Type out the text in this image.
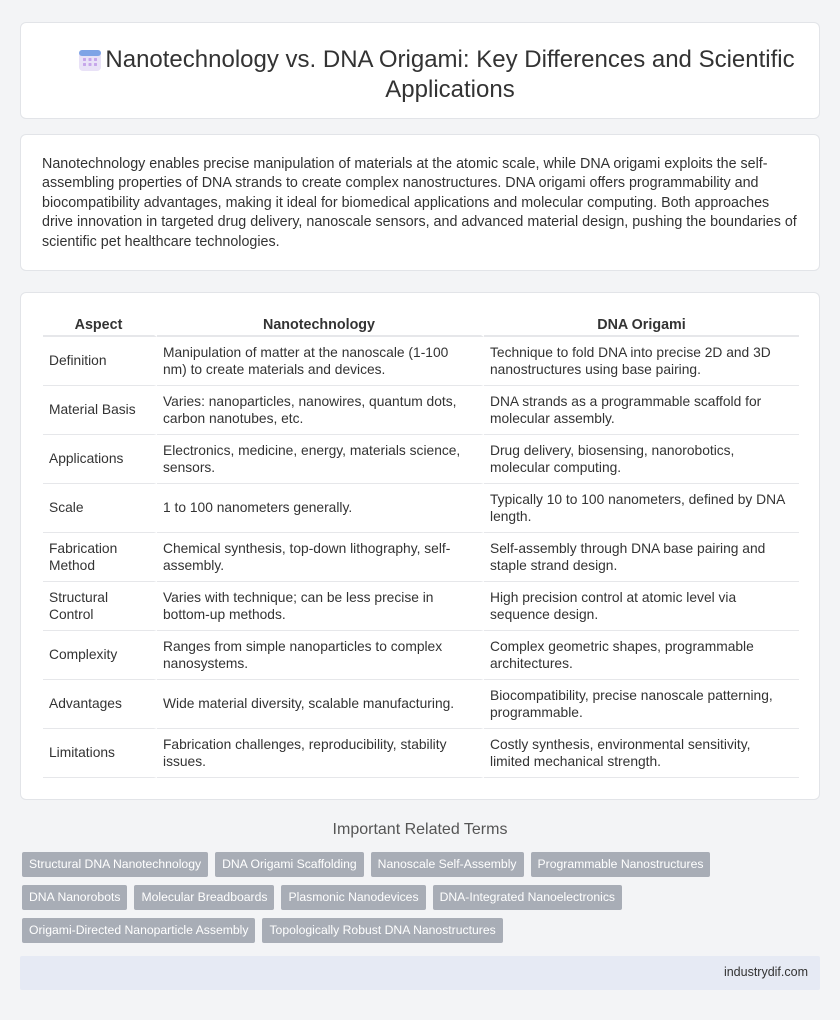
Nanotechnology vs. DNA Origami: Key Differences and Scientific Applications

Nanotechnology enables precise manipulation of materials at the atomic scale, while DNA origami exploits the self-assembling properties of DNA strands to create complex nanostructures. DNA origami offers programmability and biocompatibility advantages, making it ideal for biomedical applications and molecular computing. Both approaches drive innovation in targeted drug delivery, nanoscale sensors, and advanced material design, pushing the boundaries of scientific pet healthcare technologies.

Aspect	Nanotechnology	DNA Origami
Definition	Manipulation of matter at the nanoscale (1-100 nm) to create materials and devices.	Technique to fold DNA into precise 2D and 3D nanostructures using base pairing.
Material Basis	Varies: nanoparticles, nanowires, quantum dots, carbon nanotubes, etc.	DNA strands as a programmable scaffold for molecular assembly.
Applications	Electronics, medicine, energy, materials science, sensors.	Drug delivery, biosensing, nanorobotics, molecular computing.
Scale	1 to 100 nanometers generally.	Typically 10 to 100 nanometers, defined by DNA length.
Fabrication Method	Chemical synthesis, top-down lithography, self-assembly.	Self-assembly through DNA base pairing and staple strand design.
Structural Control	Varies with technique; can be less precise in bottom-up methods.	High precision control at atomic level via sequence design.
Complexity	Ranges from simple nanoparticles to complex nanosystems.	Complex geometric shapes, programmable architectures.
Advantages	Wide material diversity, scalable manufacturing.	Biocompatibility, precise nanoscale patterning, programmable.
Limitations	Fabrication challenges, reproducibility, stability issues.	Costly synthesis, environmental sensitivity, limited mechanical strength.
Important Related Terms
Structural DNA Nanotechnology	DNA Origami Scaffolding	Nanoscale Self-Assembly	Programmable Nanostructures
DNA Nanorobots	Molecular Breadboards	Plasmonic Nanodevices	DNA-Integrated Nanoelectronics
Origami-Directed Nanoparticle Assembly	Topologically Robust DNA Nanostructures
industrydif.com
